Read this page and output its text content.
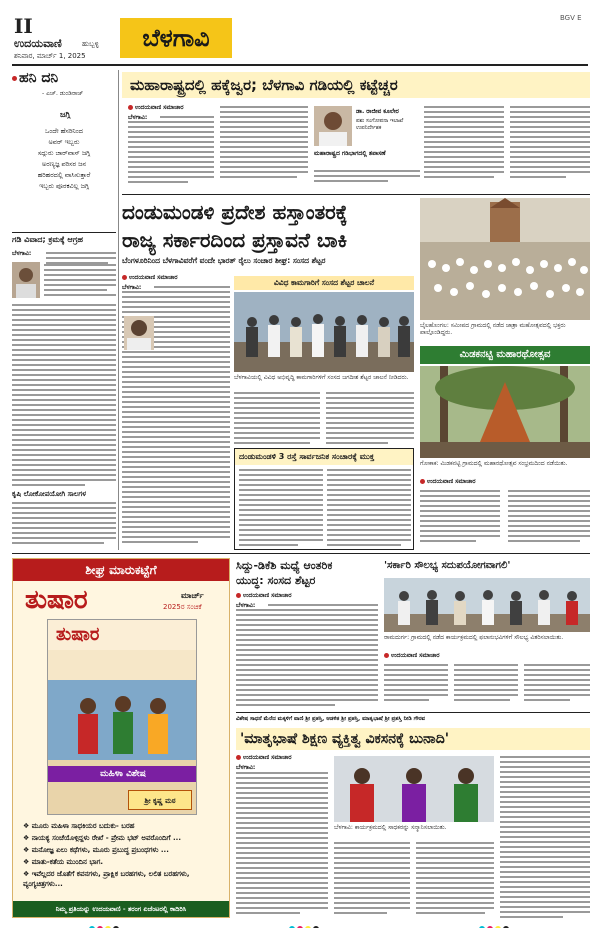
II
ಉದಯವಾಣಿ	ಹುಬ್ಬಳ್ಳಿ
ಶನಿವಾರ, ಮಾರ್ಚ್ 1, 2025
ಬೆಳಗಾವಿ
BGV E
ಹನಿ ದನಿ
- ಎಚ್. ಡುಂಡಿರಾಜ್
ಜಗ್ಗಿ
ಒಂದೇ ಹೆಸರಿನಿಂದ
ಅವರ್ ಇಬ್ಬರು
ಸದ್ಗುರು ಜಾರ್‌ವಾಸ್ ಜಗ್ಗಿ
ಅರಣ್ಯಜ್ಞ ಪರಿಸರ ಜನ
ಹರಿಹರದಲ್ಲಿ ವಾಸಿಸುತ್ತಾರೆ
ಇಬ್ಬರು ಪೂರಕವಿಲ್ಲ ಜಗ್ಗಿ
ಗಡಿ ವಿವಾದ; ಕ್ರಮಕ್ಕೆ ಆಗ್ರಹ
ಬೆಳಗಾವಿ:
ಕೃಷಿ ಲೋಕೋಪಯೋಗಿ ಸಾಲಗಳ
ಮಹಾರಾಷ್ಟ್ರದಲ್ಲಿ ಹಕ್ಕೆಜ್ವರ; ಬೆಳಗಾವಿ ಗಡಿಯಲ್ಲಿ ಕಟ್ಟೆಚ್ಚರ
ಉದಯವಾಣಿ ಸಮಾಚಾರ
ಬೆಳಗಾವಿ:
ಡಾ. ರಾಜೀವ ಕೂಲೇರ
ಪಶು ಸಂಗೋಪನಾ ಇಲಾಖೆ ಉಪನಿರ್ದೇಶಕ
ಮಹಾರಾಷ್ಟ್ರದ ಗಡಿಭಾಗದಲ್ಲಿ ತಪಾಸಣೆ
ದಂಡುಮಂಡಳಿ ಪ್ರದೇಶ ಹಸ್ತಾಂತರಕ್ಕೆ
ರಾಜ್ಯ ಸರ್ಕಾರದಿಂದ ಪ್ರಸ್ತಾವನೆ ಬಾಕಿ
ಬೆಂಗಳೂರಿನಿಂದ ಬೆಳಗಾವಿವರೆಗೆ ವಂದೇ ಭಾರತ್ ರೈಲು ಸಂಚಾರ ಶೀಘ್ರ: ಸಂಸದ ಶೆಟ್ಟರ
ಉದಯವಾಣಿ ಸಮಾಚಾರ
ಬೆಳಗಾವಿ:
ವಿವಿಧ ಕಾಮಗಾರಿಗೆ ಸಂಸದ ಶೆಟ್ಟರ ಚಾಲನೆ
ಬೆಳಗಾವಿಯಲ್ಲಿ ವಿವಿಧ ಅಭಿವೃದ್ಧಿ ಕಾಮಗಾರಿಗಳಿಗೆ ಸಂಸದ ಜಗದೀಶ ಶೆಟ್ಟರ ಚಾಲನೆ ನೀಡಿದರು.
ದಂಡುಮಂಡಳಿ 3 ರಸ್ತೆ ಸಾರ್ವಜನಿಕ ಸಂಚಾರಕ್ಕೆ ಮುಕ್ತ
ಬೈಲಹೊಂಗಲ: ಸಮೀಪದ ಗ್ರಾಮದಲ್ಲಿ ನಡೆದ ಜಾತ್ರಾ ಮಹೋತ್ಸವದಲ್ಲಿ ಭಕ್ತರು ಪಾಲ್ಗೊಂಡಿದ್ದರು.
ಮಿಡಕನಟ್ಟಿ ಮಹಾರಥೋತ್ಸವ
ಗೋಕಾಕ: ಮಿಡಕನಟ್ಟಿ ಗ್ರಾಮದಲ್ಲಿ ಮಹಾರಥೋತ್ಸವ ಸಂಭ್ರಮದಿಂದ ನಡೆಯಿತು.
ಉದಯವಾಣಿ ಸಮಾಚಾರ
ಶೀಘ್ರ ಮಾರುಕಟ್ಟೆಗೆ
ತುಷಾರ	ಮಾರ್ಚ್
2025ರ ಸಂಚಿಕೆ
ತುಷಾರ
ಮಹಿಳಾ ವಿಶೇಷ
ಶ್ರೀ ಕೃಷ್ಣ ಮಠ
❖ ಮೂರು ಮಹಿಳಾ ಸಾಧಕಿಯರ ಬದುಕು- ಬರಹ
❖ ನಾಯಕ್ಯ ಸಂಚೆಯೊಳ್ಗಿದ್ದಳು ರೇಖೆ - ಪ್ರೇಮ ಭಟ್ ಅವರೊಂದಿಗೆ ...
❖ ಮನೋಜ್ಞ ಏಲು ಕಥೆಗಳು, ಮೂರು ಪ್ರಬುದ್ಧ ಪ್ರಬಂಧಗಳು ...
❖ ಮಾತು-ಕತೆಯ ಮುಂದಿನ ಭಾಗ.
❖ ಇವೆಲ್ಲದರ ಜೊತೆಗೆ ಕವನಗಳು, ಪ್ರಾಕ್ಷಿಕ ಬರಹಗಳು, ಲಲಿತ ಬರಹಗಳು, ವ್ಯಂಗ್ಯಚಿತ್ರಗಳು...
ನಿಮ್ಮ ಪ್ರತಿಯನ್ನು ಉದಯವಾಣಿ - ತರಂಗ ಏಜೆಂಟರಲ್ಲಿ ಕಾದಿರಿಸಿ
ಸಿದ್ದು-ಡಿಕೆಶಿ ಮಧ್ಯೆ ಆಂತರಿಕ
ಯುದ್ಧ: ಸಂಸದ ಶೆಟ್ಟರ
ಉದಯವಾಣಿ ಸಮಾಚಾರ
ಬೆಳಗಾವಿ:
'ಸರ್ಕಾರಿ ಸೌಲಭ್ಯ ಸದುಪಯೋಗವಾಗಲಿ'
ರಾಮದುರ್ಗ: ಗ್ರಾಮದಲ್ಲಿ ನಡೆದ ಕಾರ್ಯಕ್ರಮದಲ್ಲಿ ಫಲಾನುಭವಿಗಳಿಗೆ ಸೌಲಭ್ಯ ವಿತರಿಸಲಾಯಿತು.
ಉದಯವಾಣಿ ಸಮಾಚಾರ
ವಿಶೇಷ ಸಾಧನೆ ಮೆರೆದ ಮಕ್ಕಳಿಗೆ ವಾಣಿ ಶ್ರೀ ಪ್ರಶಸ್ತಿ, ಆಡಳಿತ ಶ್ರೀ ಪ್ರಶಸ್ತಿ, ಮಾತೃಭಾಷೆ ಶ್ರೀ ಪ್ರಶಸ್ತಿ ನೀಡಿ ಗೌರವ
'ಮಾತೃಭಾಷೆ ಶಿಕ್ಷಣ ವ್ಯಕ್ತಿತ್ವ ವಿಕಸನಕ್ಕೆ ಬುನಾದಿ'
ಉದಯವಾಣಿ ಸಮಾಚಾರ
ಬೆಳಗಾವಿ:
ಬೆಳಗಾವಿ: ಕಾರ್ಯಕ್ರಮದಲ್ಲಿ ಸಾಧಕರನ್ನು ಸನ್ಮಾನಿಸಲಾಯಿತು.
